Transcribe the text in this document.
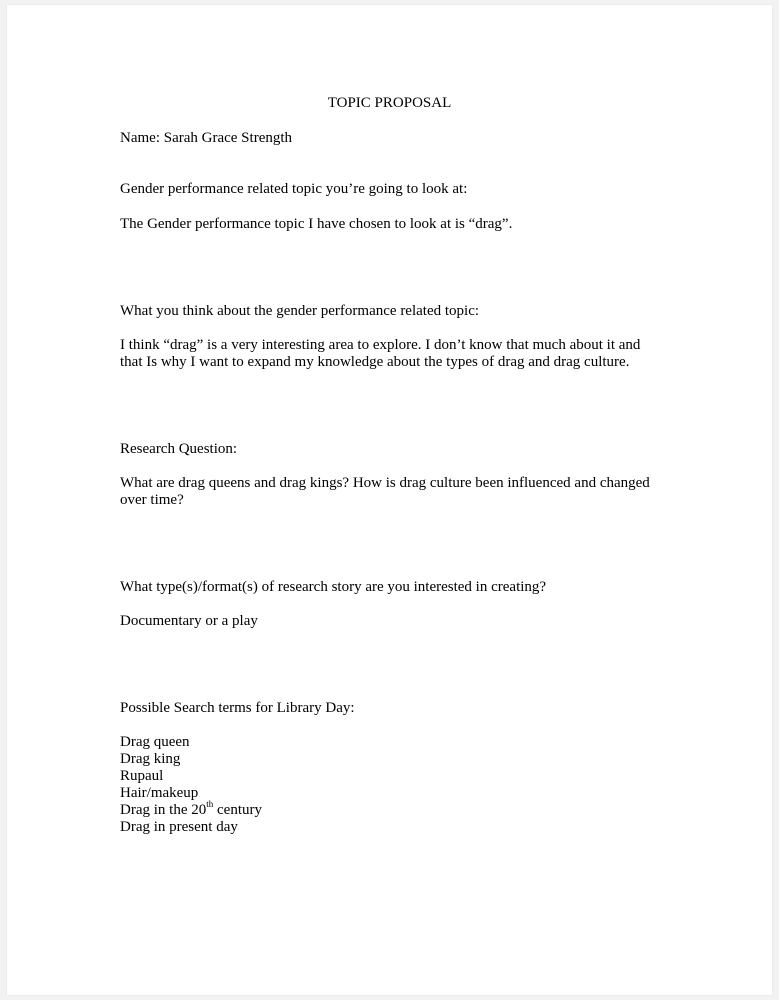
TOPIC PROPOSAL
Name: Sarah Grace Strength
Gender performance related topic you’re going to look at:
The Gender performance topic I have chosen to look at is “drag”.
What you think about the gender performance related topic:
I think “drag” is a very interesting area to explore. I don’t know that much about it and that Is why I want to expand my knowledge about the types of drag and drag culture.
Research Question:
What are drag queens and drag kings? How is drag culture been influenced and changed over time?
What type(s)/format(s) of research story are you interested in creating?
Documentary or a play
Possible Search terms for Library Day:
Drag queen
Drag king
Rupaul
Hair/makeup
Drag in the 20th century
Drag in present day
